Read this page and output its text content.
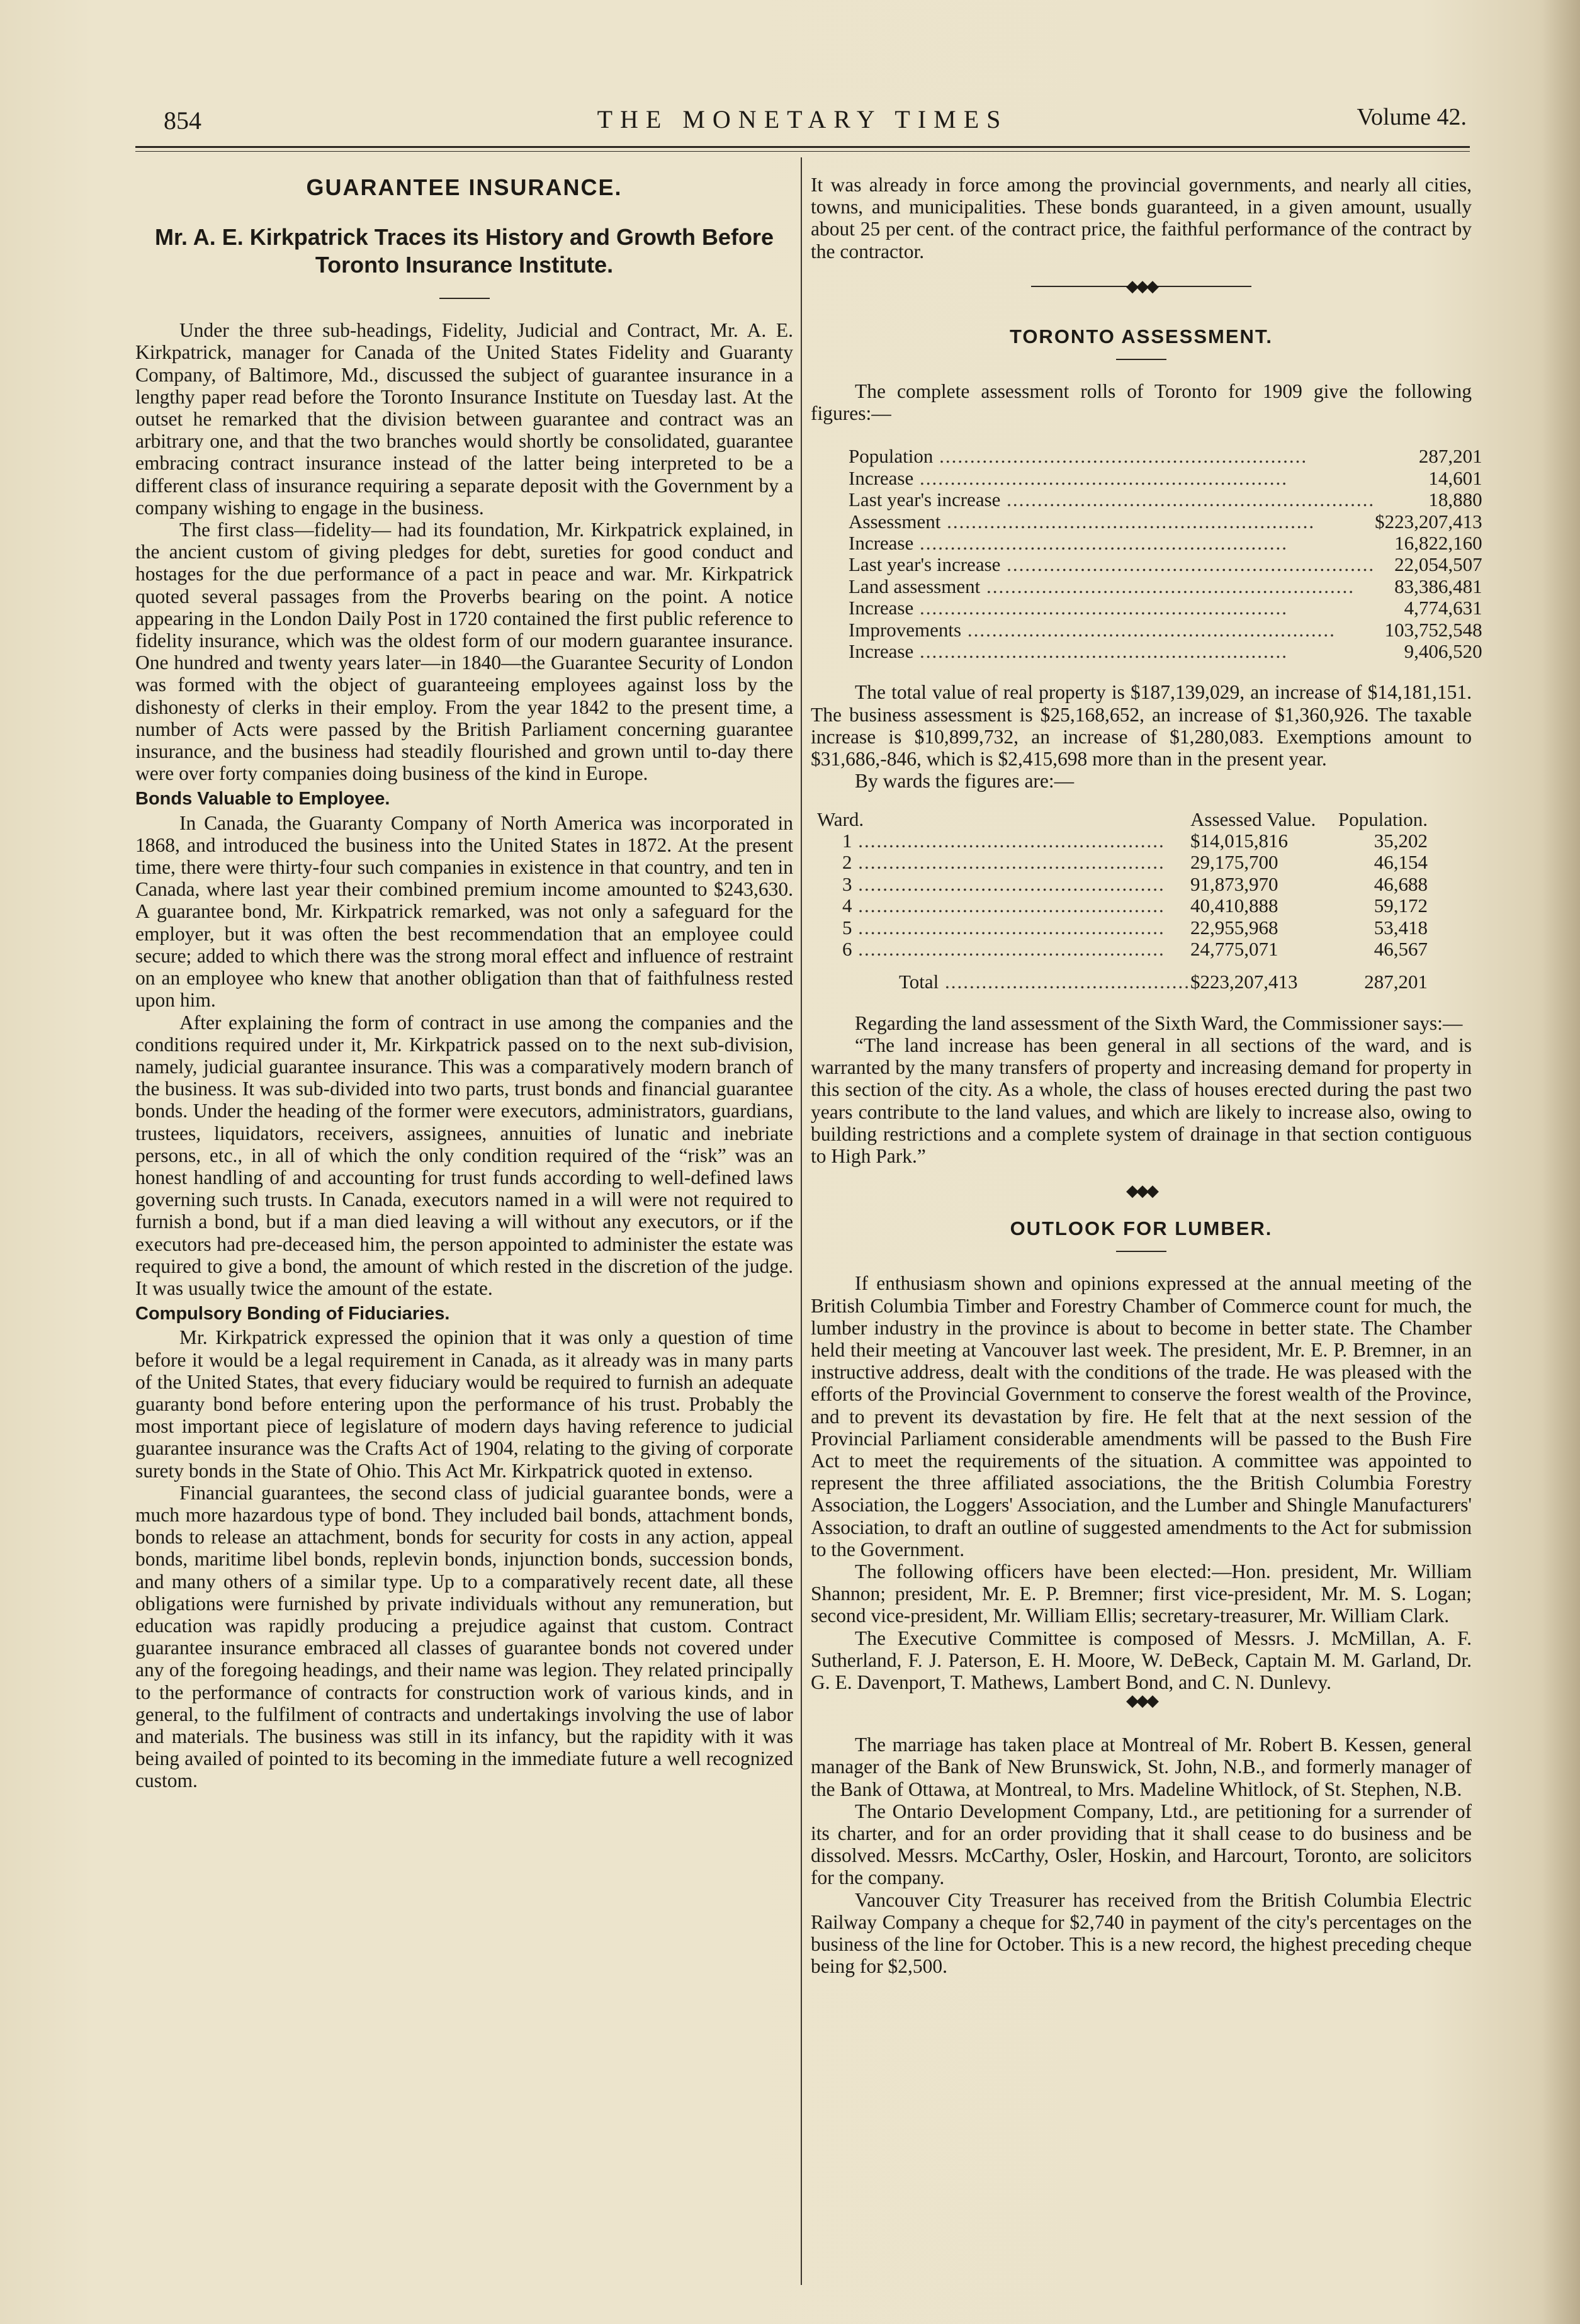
THE MONETARY TIMES
854	Volume 42.
GUARANTEE INSURANCE.
Mr. A. E. Kirkpatrick Traces its History and Growth Before Toronto Insurance Institute.

Under the three sub-headings, Fidelity, Judicial and Contract, Mr. A. E. Kirkpatrick, manager for Canada of the United States Fidelity and Guaranty Company, of Baltimore, Md., discussed the subject of guarantee insurance in a lengthy paper read before the Toronto Insurance Institute on Tuesday last. At the outset he remarked that the division between guarantee and contract was an arbitrary one, and that the two branches would shortly be consolidated, guarantee embracing contract insurance instead of the latter being interpreted to be a different class of insurance requiring a separate deposit with the Government by a company wishing to engage in the business.

The first class—fidelity— had its foundation, Mr. Kirkpatrick explained, in the ancient custom of giving pledges for debt, sureties for good conduct and hostages for the due performance of a pact in peace and war. Mr. Kirkpatrick quoted several passages from the Proverbs bearing on the point. A notice appearing in the London Daily Post in 1720 contained the first public reference to fidelity insurance, which was the oldest form of our modern guarantee insurance. One hundred and twenty years later—in 1840—the Guarantee Security of London was formed with the object of guaranteeing employees against loss by the dishonesty of clerks in their employ. From the year 1842 to the present time, a number of Acts were passed by the British Parliament concerning guarantee insurance, and the business had steadily flourished and grown until to-day there were over forty companies doing business of the kind in Europe.

Bonds Valuable to Employee.

In Canada, the Guaranty Company of North America was incorporated in 1868, and introduced the business into the United States in 1872. At the present time, there were thirty-four such companies in existence in that country, and ten in Canada, where last year their combined premium income amounted to $243,630. A guarantee bond, Mr. Kirkpatrick remarked, was not only a safeguard for the employer, but it was often the best recommendation that an employee could secure; added to which there was the strong moral effect and influence of restraint on an employee who knew that another obligation than that of faithfulness rested upon him.

After explaining the form of contract in use among the companies and the conditions required under it, Mr. Kirkpatrick passed on to the next sub-division, namely, judicial guarantee insurance. This was a comparatively modern branch of the business. It was sub-divided into two parts, trust bonds and financial guarantee bonds. Under the heading of the former were executors, administrators, guardians, trustees, liquidators, receivers, assignees, annuities of lunatic and inebriate persons, etc., in all of which the only condition required of the “risk” was an honest handling of and accounting for trust funds according to well-defined laws governing such trusts. In Canada, executors named in a will were not required to furnish a bond, but if a man died leaving a will without any executors, or if the executors had pre-deceased him, the person appointed to administer the estate was required to give a bond, the amount of which rested in the discretion of the judge. It was usually twice the amount of the estate.

Compulsory Bonding of Fiduciaries.

Mr. Kirkpatrick expressed the opinion that it was only a question of time before it would be a legal requirement in Canada, as it already was in many parts of the United States, that every fiduciary would be required to furnish an adequate guaranty bond before entering upon the performance of his trust. Probably the most important piece of legislature of modern days having reference to judicial guarantee insurance was the Crafts Act of 1904, relating to the giving of corporate surety bonds in the State of Ohio. This Act Mr. Kirkpatrick quoted in extenso.

Financial guarantees, the second class of judicial guarantee bonds, were a much more hazardous type of bond. They included bail bonds, attachment bonds, bonds to release an attachment, bonds for security for costs in any action, appeal bonds, maritime libel bonds, replevin bonds, injunction bonds, succession bonds, and many others of a similar type. Up to a comparatively recent date, all these obligations were furnished by private individuals without any remuneration, but education was rapidly producing a prejudice against that custom. Contract guarantee insurance embraced all classes of guarantee bonds not covered under any of the foregoing headings, and their name was legion. They related principally to the performance of contracts for construction work of various kinds, and in general, to the fulfilment of contracts and undertakings involving the use of labor and materials. The business was still in its infancy, but the rapidity with it was being availed of pointed to its becoming in the immediate future a well recognized custom.

It was already in force among the provincial governments, and nearly all cities, towns, and municipalities. These bonds guaranteed, in a given amount, usually about 25 per cent. of the contract price, the faithful performance of the contract by the contractor.

◆◆◆
TORONTO ASSESSMENT.

The complete assessment rolls of Toronto for 1909 give the following figures:—

Population ............................................................	287,201
Increase ............................................................	14,601
Last year's increase ............................................................	18,880
Assessment ............................................................	$223,207,413
Increase ............................................................	16,822,160
Last year's increase ............................................................	22,054,507
Land assessment ............................................................	83,386,481
Increase ............................................................	4,774,631
Improvements ............................................................	103,752,548
Increase ............................................................	9,406,520

The total value of real property is $187,139,029, an increase of $14,181,151. The business assessment is $25,168,652, an increase of $1,360,926. The taxable increase is $10,899,732, an increase of $1,280,083. Exemptions amount to $31,686,-846, which is $2,415,698 more than in the present year.

By wards the figures are:—

Ward.	Assessed Value.	Population.
1 ..................................................	$14,015,816	35,202
2 ..................................................	29,175,700	46,154
3 ..................................................	91,873,970	46,688
4 ..................................................	40,410,888	59,172
5 ..................................................	22,955,968	53,418
6 ..................................................	24,775,071	46,567
Total ........................................	$223,207,413	287,201

Regarding the land assessment of the Sixth Ward, the Commissioner says:—

“The land increase has been general in all sections of the ward, and is warranted by the many transfers of property and increasing demand for property in this section of the city. As a whole, the class of houses erected during the past two years contribute to the land values, and which are likely to increase also, owing to building restrictions and a complete system of drainage in that section contiguous to High Park.”

◆◆◆
OUTLOOK FOR LUMBER.

If enthusiasm shown and opinions expressed at the annual meeting of the British Columbia Timber and Forestry Chamber of Commerce count for much, the lumber industry in the province is about to become in better state. The Chamber held their meeting at Vancouver last week. The president, Mr. E. P. Bremner, in an instructive address, dealt with the conditions of the trade. He was pleased with the efforts of the Provincial Government to conserve the forest wealth of the Province, and to prevent its devastation by fire. He felt that at the next session of the Provincial Parliament considerable amendments will be passed to the Bush Fire Act to meet the requirements of the situation. A committee was appointed to represent the three affiliated associations, the the British Columbia Forestry Association, the Loggers' Association, and the Lumber and Shingle Manufacturers' Association, to draft an outline of suggested amendments to the Act for submission to the Government.

The following officers have been elected:—Hon. president, Mr. William Shannon; president, Mr. E. P. Bremner; first vice-president, Mr. M. S. Logan; second vice-president, Mr. William Ellis; secretary-treasurer, Mr. William Clark.

The Executive Committee is composed of Messrs. J. McMillan, A. F. Sutherland, F. J. Paterson, E. H. Moore, W. DeBeck, Captain M. M. Garland, Dr. G. E. Davenport, T. Mathews, Lambert Bond, and C. N. Dunlevy.

◆◆◆

The marriage has taken place at Montreal of Mr. Robert B. Kessen, general manager of the Bank of New Brunswick, St. John, N.B., and formerly manager of the Bank of Ottawa, at Montreal, to Mrs. Madeline Whitlock, of St. Stephen, N.B.

The Ontario Development Company, Ltd., are petitioning for a surrender of its charter, and for an order providing that it shall cease to do business and be dissolved. Messrs. McCarthy, Osler, Hoskin, and Harcourt, Toronto, are solicitors for the company.

Vancouver City Treasurer has received from the British Columbia Electric Railway Company a cheque for $2,740 in payment of the city's percentages on the business of the line for October. This is a new record, the highest preceding cheque being for $2,500.
